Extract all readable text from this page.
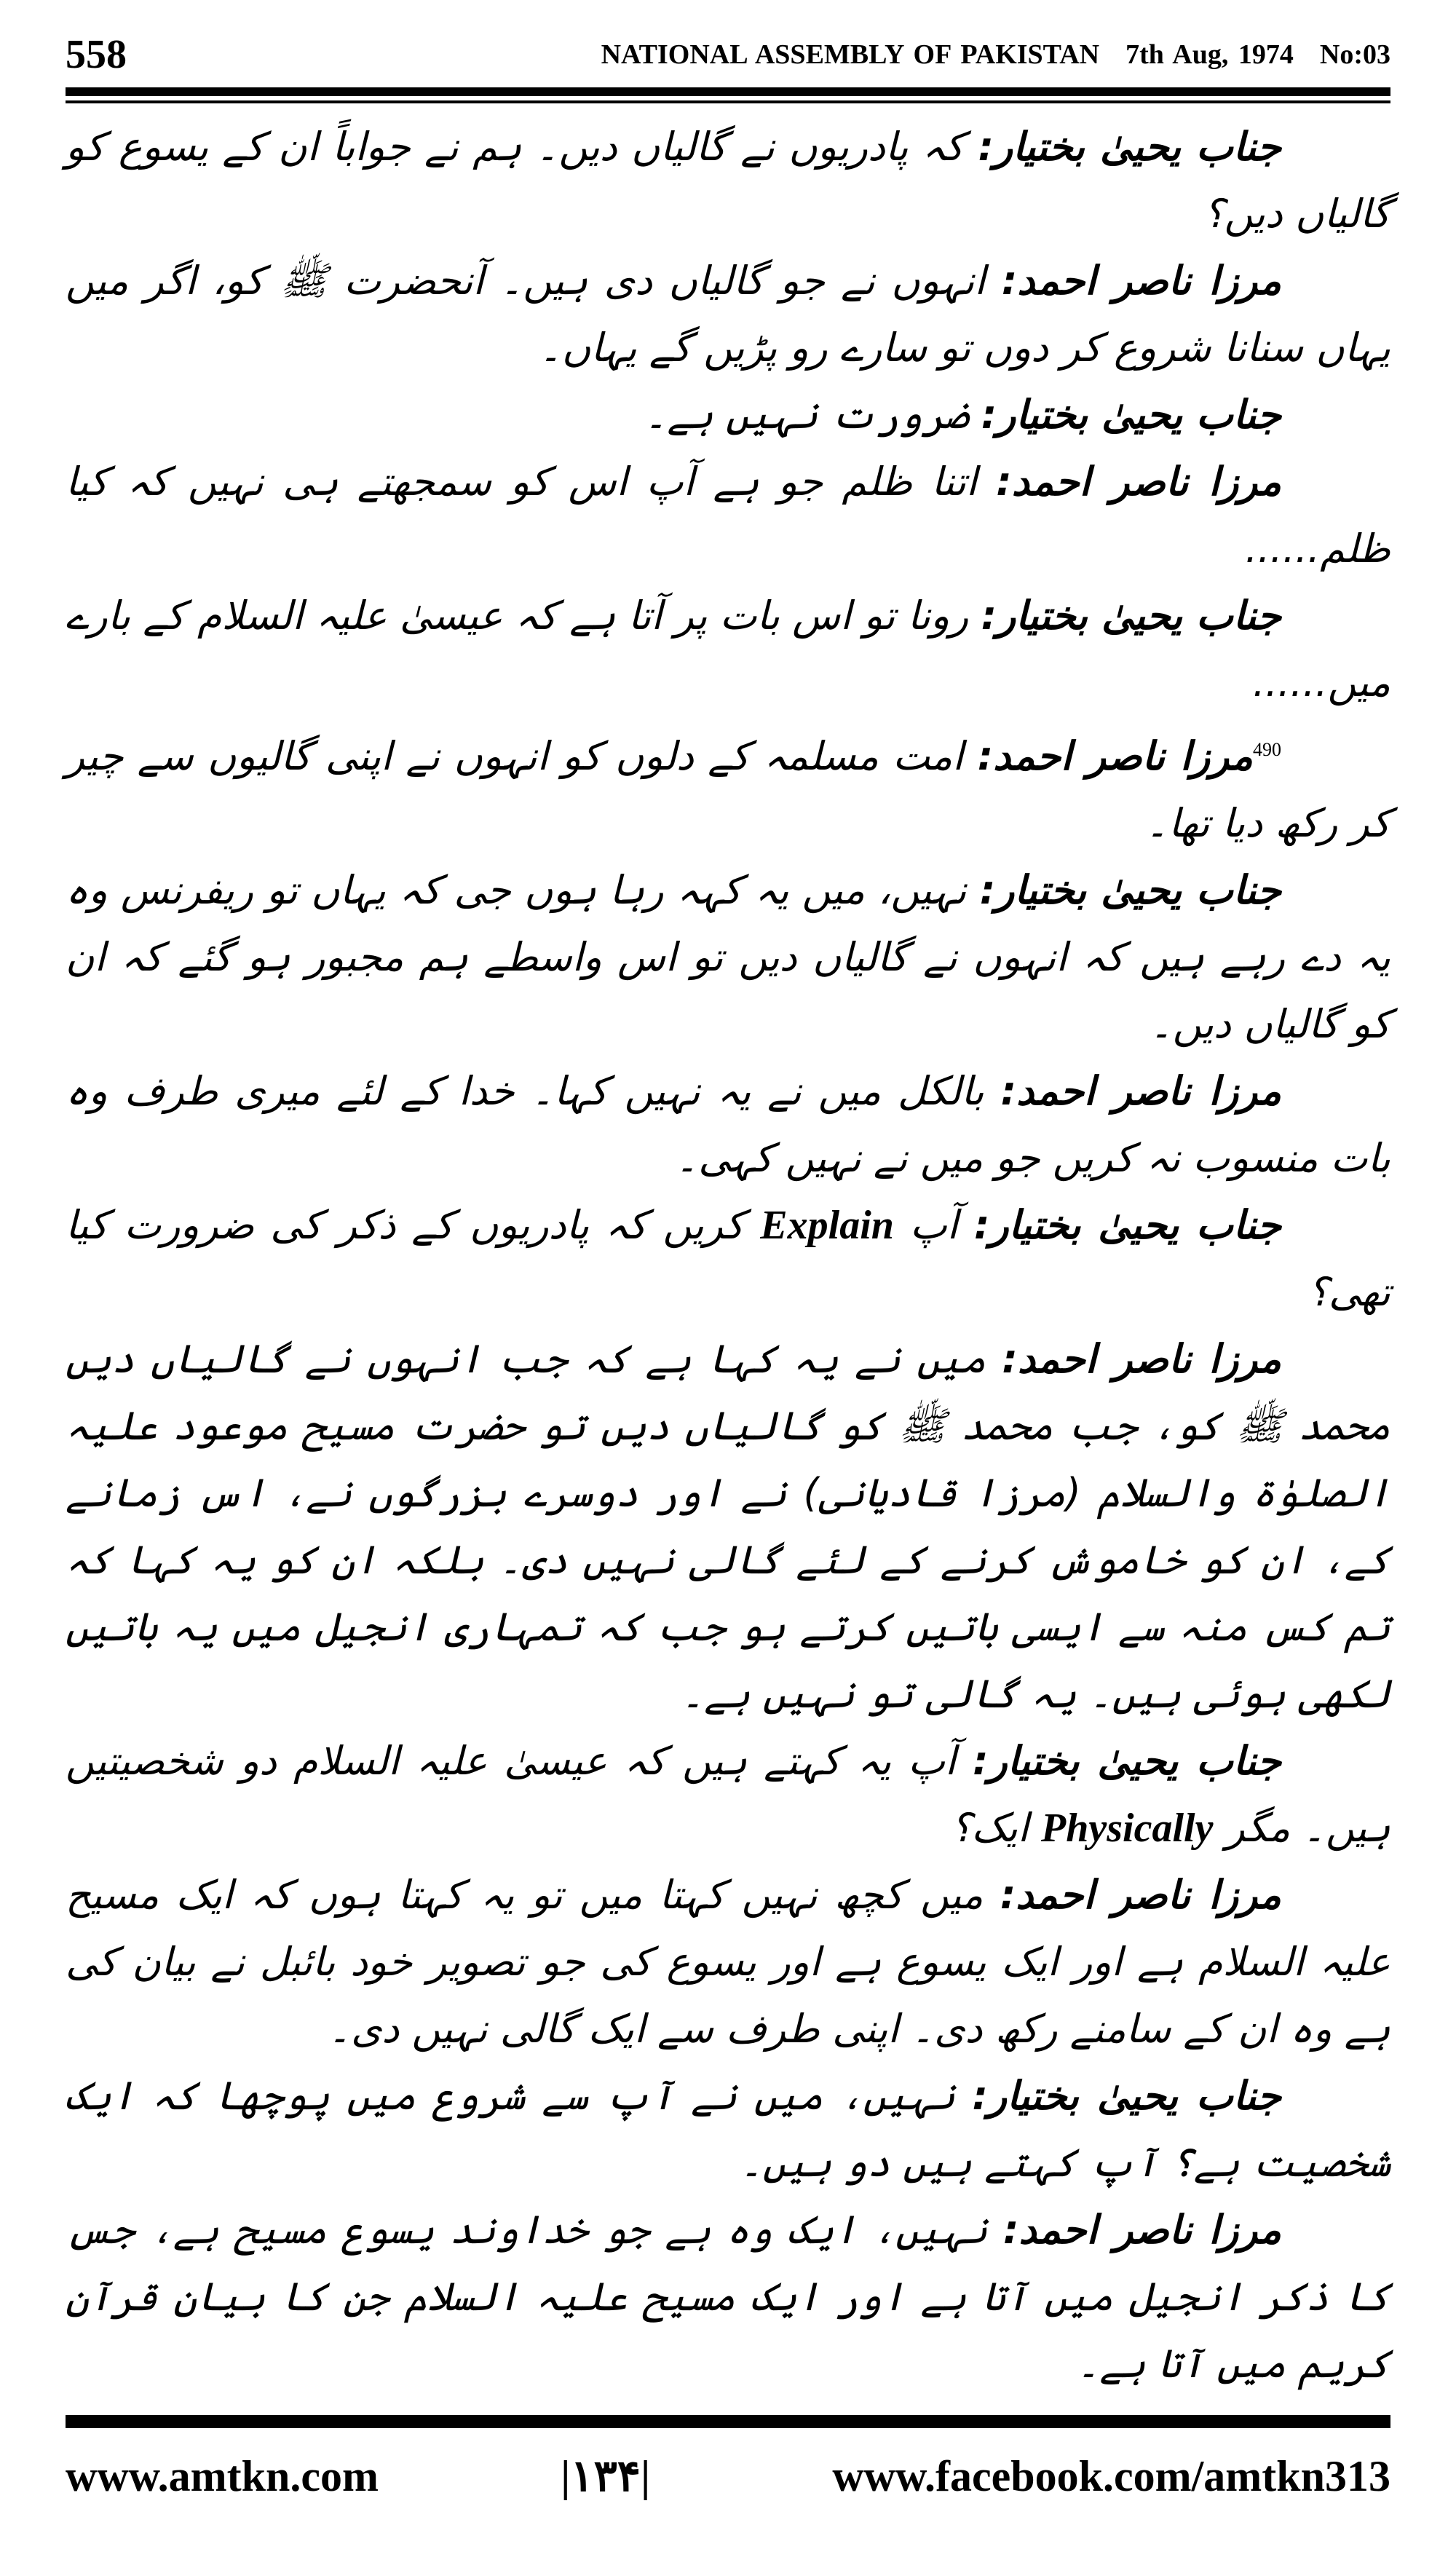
558	NATIONAL ASSEMBLY OF PAKISTAN 7th Aug, 1974 No:03

جناب یحییٰ بختیار: کہ پادریوں نے گالیاں دیں۔ ہم نے جواباً ان کے یسوع کو گالیاں دیں؟

مرزا ناصر احمد: انہوں نے جو گالیاں دی ہیں۔ آنحضرت ﷺ کو، اگر میں یہاں سنانا شروع کر دوں تو سارے رو پڑیں گے یہاں۔

جناب یحییٰ بختیار: ضرورت نہیں ہے۔

مرزا ناصر احمد: اتنا ظلم جو ہے آپ اس کو سمجھتے ہی نہیں کہ کیا ظلم......

جناب یحییٰ بختیار: رونا تو اس بات پر آتا ہے کہ عیسیٰ علیہ السلام کے بارے میں......

$^{490}$مرزا ناصر احمد: امت مسلمہ کے دلوں کو انہوں نے اپنی گالیوں سے چیر کر رکھ دیا تھا۔

جناب یحییٰ بختیار: نہیں، میں یہ کہہ رہا ہوں جی کہ یہاں تو ریفرنس وہ یہ دے رہے ہیں کہ انہوں نے گالیاں دیں تو اس واسطے ہم مجبور ہو گئے کہ ان کو گالیاں دیں۔

مرزا ناصر احمد: بالکل میں نے یہ نہیں کہا۔ خدا کے لئے میری طرف وہ بات منسوب نہ کریں جو میں نے نہیں کہی۔

جناب یحییٰ بختیار: آپ Explain کریں کہ پادریوں کے ذکر کی ضرورت کیا تھی؟

مرزا ناصر احمد: میں نے یہ کہا ہے کہ جب انہوں نے گالیاں دیں محمد ﷺ کو، جب محمد ﷺ کو گالیاں دیں تو حضرت مسیح موعود علیہ الصلوٰۃ والسلام (مرزا قادیانی) نے اور دوسرے بزرگوں نے، اس زمانے کے، ان کو خاموش کرنے کے لئے گالی نہیں دی۔ بلکہ ان کو یہ کہا کہ تم کس منہ سے ایسی باتیں کرتے ہو جب کہ تمہاری انجیل میں یہ باتیں لکھی ہوئی ہیں۔ یہ گالی تو نہیں ہے۔

جناب یحییٰ بختیار: آپ یہ کہتے ہیں کہ عیسیٰ علیہ السلام دو شخصیتیں ہیں۔ مگر Physically ایک؟

مرزا ناصر احمد: میں کچھ نہیں کہتا میں تو یہ کہتا ہوں کہ ایک مسیح علیہ السلام ہے اور ایک یسوع ہے اور یسوع کی جو تصویر خود بائبل نے بیان کی ہے وہ ان کے سامنے رکھ دی۔ اپنی طرف سے ایک گالی نہیں دی۔

جناب یحییٰ بختیار: نہیں، میں نے آپ سے شروع میں پوچھا کہ ایک شخصیت ہے؟ آپ کہتے ہیں دو ہیں۔

مرزا ناصر احمد: نہیں، ایک وہ ہے جو خداوند یسوع مسیح ہے، جس کا ذکر انجیل میں آتا ہے اور ایک مسیح علیہ السلام جن کا بیان قرآن کریم میں آتا ہے۔

www.amtkn.com	|۱۳۴|	www.facebook.com/amtkn313
